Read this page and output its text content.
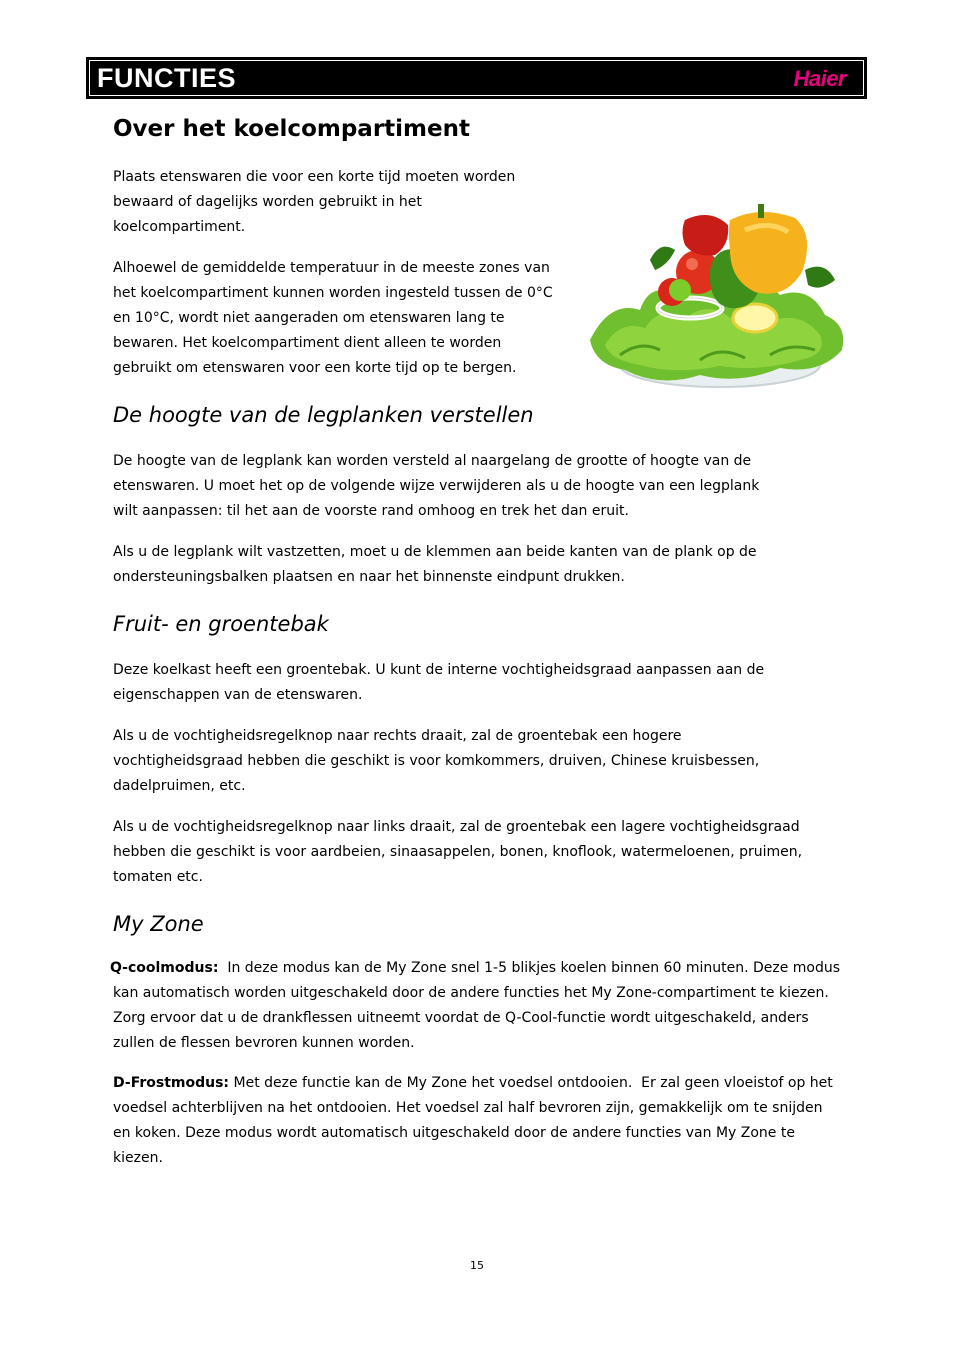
FUNCTIES	Haier
Over het koelcompartiment

Plaats etenswaren die voor een korte tijd moeten worden
bewaard of dagelijks worden gebruikt in het
koelcompartiment.

Alhoewel de gemiddelde temperatuur in de meeste zones van
het koelcompartiment kunnen worden ingesteld tussen de 0°C
en 10°C, wordt niet aangeraden om etenswaren lang te
bewaren. Het koelcompartiment dient alleen te worden
gebruikt om etenswaren voor een korte tijd op te bergen.

De hoogte van de legplanken verstellen

De hoogte van de legplank kan worden versteld al naargelang de grootte of hoogte van de
etenswaren. U moet het op de volgende wijze verwijderen als u de hoogte van een legplank
wilt aanpassen: til het aan de voorste rand omhoog en trek het dan eruit.

Als u de legplank wilt vastzetten, moet u de klemmen aan beide kanten van de plank op de
ondersteuningsbalken plaatsen en naar het binnenste eindpunt drukken.

Fruit- en groentebak

Deze koelkast heeft een groentebak. U kunt de interne vochtigheidsgraad aanpassen aan de
eigenschappen van de etenswaren.

Als u de vochtigheidsregelknop naar rechts draait, zal de groentebak een hogere
vochtigheidsgraad hebben die geschikt is voor komkommers, druiven, Chinese kruisbessen,
dadelpruimen, etc.

Als u de vochtigheidsregelknop naar links draait, zal de groentebak een lagere vochtigheidsgraad
hebben die geschikt is voor aardbeien, sinaasappelen, bonen, knoflook, watermeloenen, pruimen,
tomaten etc.

My Zone

Q-coolmodus:  In deze modus kan de My Zone snel 1-5 blikjes koelen binnen 60 minuten. Deze modus
kan automatisch worden uitgeschakeld door de andere functies het My Zone-compartiment te kiezen.
Zorg ervoor dat u de drankflessen uitneemt voordat de Q-Cool-functie wordt uitgeschakeld, anders
zullen de flessen bevroren kunnen worden.

D-Frostmodus: Met deze functie kan de My Zone het voedsel ontdooien.  Er zal geen vloeistof op het
voedsel achterblijven na het ontdooien. Het voedsel zal half bevroren zijn, gemakkelijk om te snijden
en koken. Deze modus wordt automatisch uitgeschakeld door de andere functies van My Zone te
kiezen.

15
